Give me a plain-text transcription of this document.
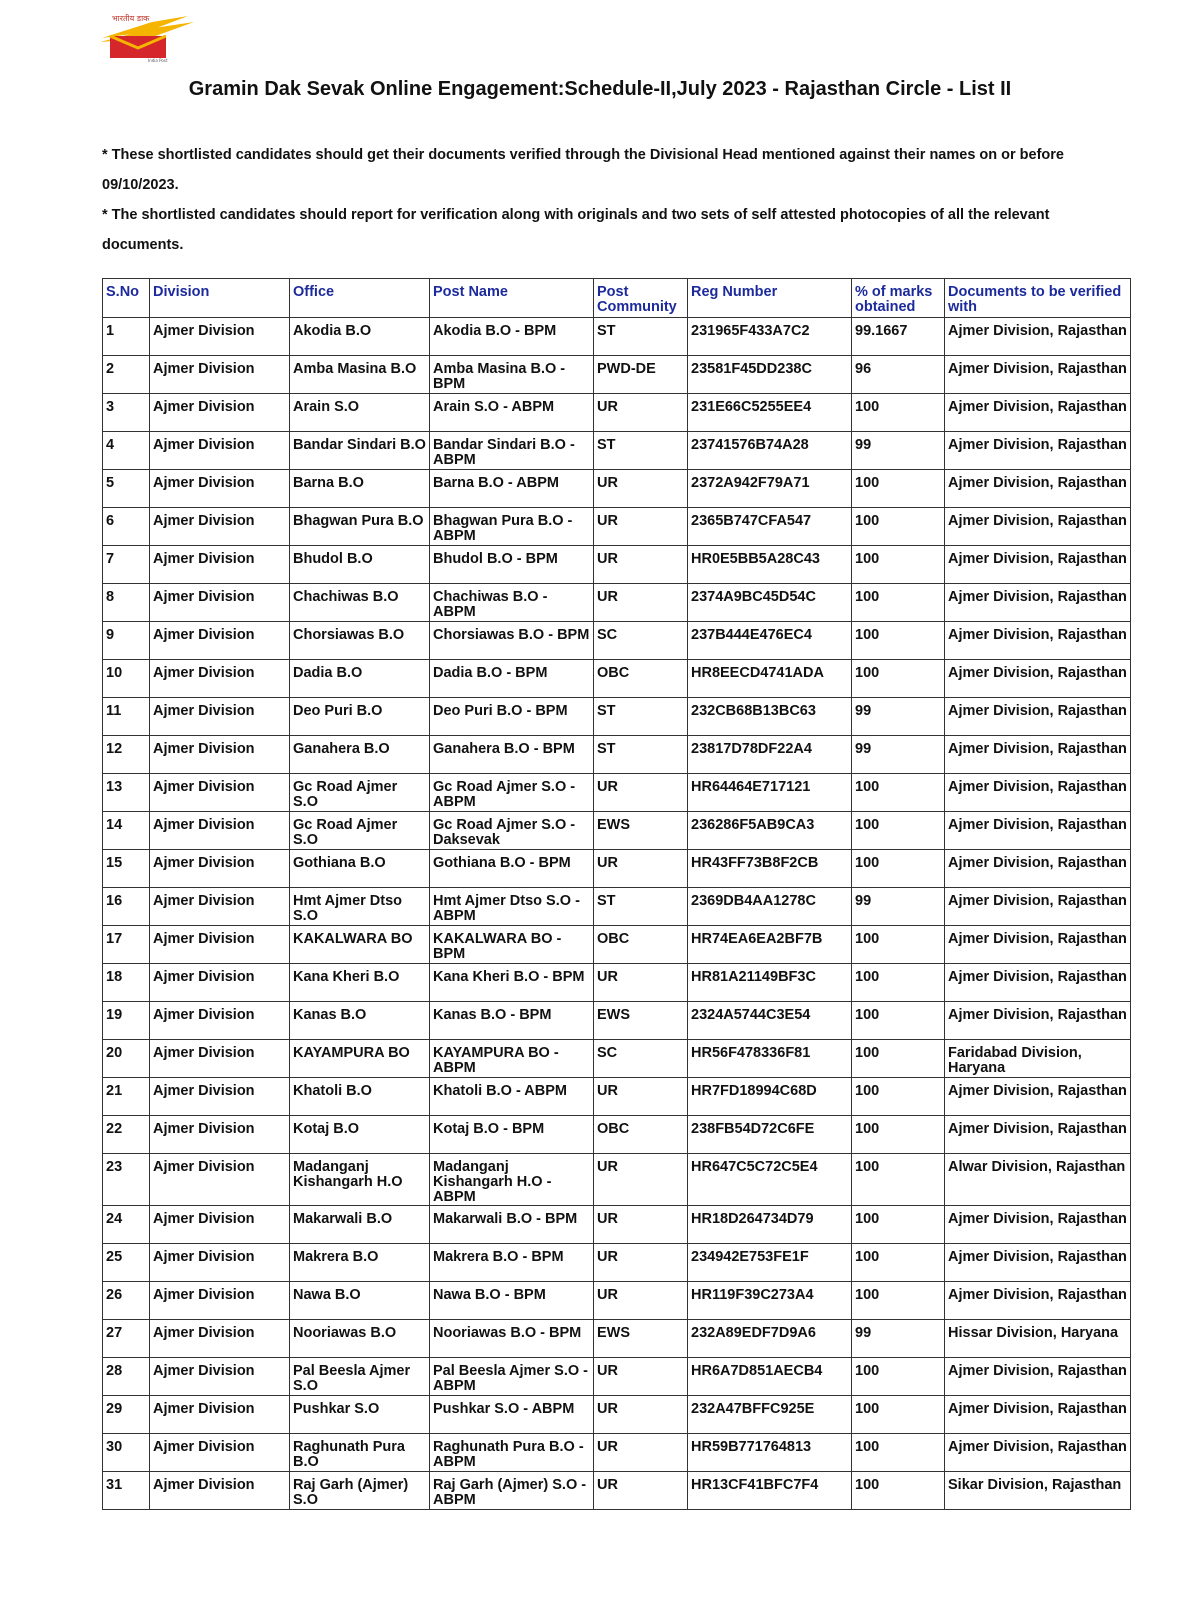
भारतीय डाक
India Post
Gramin Dak Sevak Online Engagement:Schedule-II,July 2023 - Rajasthan Circle - List II
* These shortlisted candidates should get their documents verified through the Divisional Head mentioned against their names on or before 09/10/2023.
* The shortlisted candidates should report for verification along with originals and two sets of self attested photocopies of all the relevant documents.
S.No	Division	Office	Post Name	Post Community	Reg Number	% of marks obtained	Documents to be verified with
1	Ajmer Division	Akodia B.O	Akodia B.O - BPM	ST	231965F433A7C2	99.1667	Ajmer Division, Rajasthan
2	Ajmer Division	Amba Masina B.O	Amba Masina B.O - BPM	PWD-DE	23581F45DD238C	96	Ajmer Division, Rajasthan
3	Ajmer Division	Arain S.O	Arain S.O - ABPM	UR	231E66C5255EE4	100	Ajmer Division, Rajasthan
4	Ajmer Division	Bandar Sindari B.O	Bandar Sindari B.O - ABPM	ST	23741576B74A28	99	Ajmer Division, Rajasthan
5	Ajmer Division	Barna B.O	Barna B.O - ABPM	UR	2372A942F79A71	100	Ajmer Division, Rajasthan
6	Ajmer Division	Bhagwan Pura B.O	Bhagwan Pura B.O - ABPM	UR	2365B747CFA547	100	Ajmer Division, Rajasthan
7	Ajmer Division	Bhudol B.O	Bhudol B.O - BPM	UR	HR0E5BB5A28C43	100	Ajmer Division, Rajasthan
8	Ajmer Division	Chachiwas B.O	Chachiwas B.O - ABPM	UR	2374A9BC45D54C	100	Ajmer Division, Rajasthan
9	Ajmer Division	Chorsiawas B.O	Chorsiawas B.O - BPM	SC	237B444E476EC4	100	Ajmer Division, Rajasthan
10	Ajmer Division	Dadia B.O	Dadia B.O - BPM	OBC	HR8EECD4741ADA	100	Ajmer Division, Rajasthan
11	Ajmer Division	Deo Puri B.O	Deo Puri B.O - BPM	ST	232CB68B13BC63	99	Ajmer Division, Rajasthan
12	Ajmer Division	Ganahera B.O	Ganahera B.O - BPM	ST	23817D78DF22A4	99	Ajmer Division, Rajasthan
13	Ajmer Division	Gc Road Ajmer S.O	Gc Road Ajmer S.O - ABPM	UR	HR64464E717121	100	Ajmer Division, Rajasthan
14	Ajmer Division	Gc Road Ajmer S.O	Gc Road Ajmer S.O - Daksevak	EWS	236286F5AB9CA3	100	Ajmer Division, Rajasthan
15	Ajmer Division	Gothiana B.O	Gothiana B.O - BPM	UR	HR43FF73B8F2CB	100	Ajmer Division, Rajasthan
16	Ajmer Division	Hmt Ajmer Dtso S.O	Hmt Ajmer Dtso S.O - ABPM	ST	2369DB4AA1278C	99	Ajmer Division, Rajasthan
17	Ajmer Division	KAKALWARA BO	KAKALWARA BO - BPM	OBC	HR74EA6EA2BF7B	100	Ajmer Division, Rajasthan
18	Ajmer Division	Kana Kheri B.O	Kana Kheri B.O - BPM	UR	HR81A21149BF3C	100	Ajmer Division, Rajasthan
19	Ajmer Division	Kanas B.O	Kanas B.O - BPM	EWS	2324A5744C3E54	100	Ajmer Division, Rajasthan
20	Ajmer Division	KAYAMPURA BO	KAYAMPURA BO - ABPM	SC	HR56F478336F81	100	Faridabad Division, Haryana
21	Ajmer Division	Khatoli B.O	Khatoli B.O - ABPM	UR	HR7FD18994C68D	100	Ajmer Division, Rajasthan
22	Ajmer Division	Kotaj B.O	Kotaj B.O - BPM	OBC	238FB54D72C6FE	100	Ajmer Division, Rajasthan
23	Ajmer Division	Madanganj Kishangarh H.O	Madanganj Kishangarh H.O - ABPM	UR	HR647C5C72C5E4	100	Alwar Division, Rajasthan
24	Ajmer Division	Makarwali B.O	Makarwali B.O - BPM	UR	HR18D264734D79	100	Ajmer Division, Rajasthan
25	Ajmer Division	Makrera B.O	Makrera B.O - BPM	UR	234942E753FE1F	100	Ajmer Division, Rajasthan
26	Ajmer Division	Nawa B.O	Nawa B.O - BPM	UR	HR119F39C273A4	100	Ajmer Division, Rajasthan
27	Ajmer Division	Nooriawas B.O	Nooriawas B.O - BPM	EWS	232A89EDF7D9A6	99	Hissar Division, Haryana
28	Ajmer Division	Pal Beesla Ajmer S.O	Pal Beesla Ajmer S.O - ABPM	UR	HR6A7D851AECB4	100	Ajmer Division, Rajasthan
29	Ajmer Division	Pushkar S.O	Pushkar S.O - ABPM	UR	232A47BFFC925E	100	Ajmer Division, Rajasthan
30	Ajmer Division	Raghunath Pura B.O	Raghunath Pura B.O - ABPM	UR	HR59B771764813	100	Ajmer Division, Rajasthan
31	Ajmer Division	Raj Garh (Ajmer) S.O	Raj Garh (Ajmer) S.O - ABPM	UR	HR13CF41BFC7F4	100	Sikar Division, Rajasthan
